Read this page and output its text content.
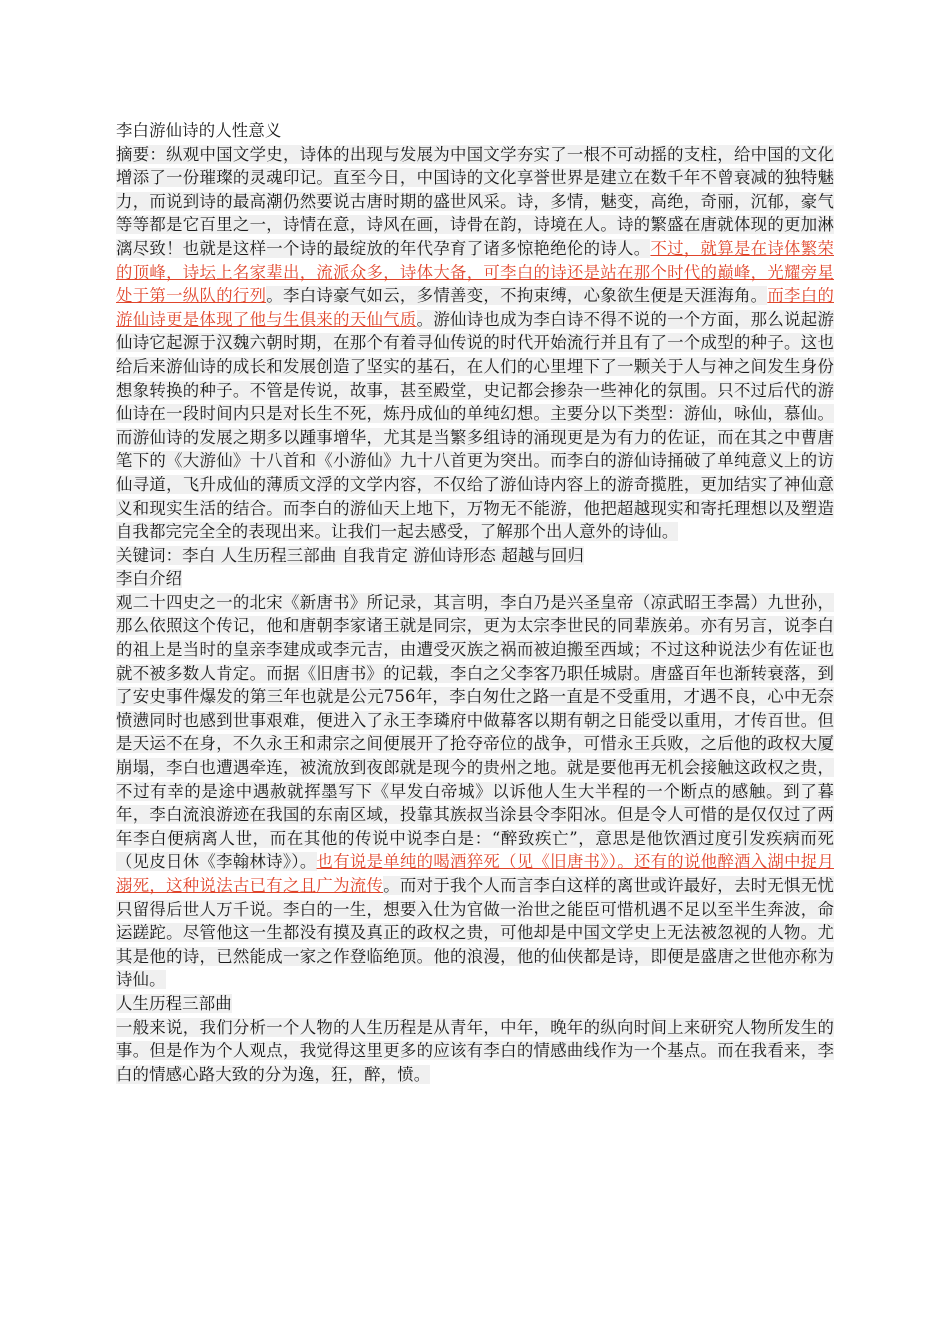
李白游仙诗的人性意义

摘要：纵观中国文学史，诗体的出现与发展为中国文学夯实了一根不可动摇的支柱，给中国的文化增添了一份璀璨的灵魂印记。直至今日，中国诗的文化享誉世界是建立在数千年不曾衰减的独特魅力，而说到诗的最高潮仍然要说古唐时期的盛世风采。诗，多情，魅变，高绝，奇丽，沉郁，豪气等等都是它百里之一，诗情在意，诗风在画，诗骨在韵，诗境在人。诗的繁盛在唐就体现的更加淋漓尽致！也就是这样一个诗的最绽放的年代孕育了诸多惊艳绝伦的诗人。不过，就算是在诗体繁荣的顶峰，诗坛上名家辈出，流派众多，诗体大备，可李白的诗还是站在那个时代的巅峰，光耀旁星处于第一纵队的行列。李白诗豪气如云，多情善变，不拘束缚，心象欲生便是天涯海角。而李白的游仙诗更是体现了他与生俱来的天仙气质。游仙诗也成为李白诗不得不说的一个方面，那么说起游仙诗它起源于汉魏六朝时期，在那个有着寻仙传说的时代开始流行并且有了一个成型的种子。这也给后来游仙诗的成长和发展创造了坚实的基石，在人们的心里埋下了一颗关于人与神之间发生身份想象转换的种子。不管是传说，故事，甚至殿堂，史记都会掺杂一些神化的氛围。只不过后代的游仙诗在一段时间内只是对长生不死，炼丹成仙的单纯幻想。主要分以下类型：游仙，咏仙，慕仙。而游仙诗的发展之期多以踵事增华，尤其是当繁多组诗的涌现更是为有力的佐证，而在其之中曹唐笔下的《大游仙》十八首和《小游仙》九十八首更为突出。而李白的游仙诗捅破了单纯意义上的访仙寻道，飞升成仙的薄质文浮的文学内容，不仅给了游仙诗内容上的游奇揽胜，更加结实了神仙意义和现实生活的结合。而李白的游仙天上地下，万物无不能游，他把超越现实和寄托理想以及塑造自我都完完全全的表现出来。让我们一起去感受，了解那个出人意外的诗仙。

关键词：李白 人生历程三部曲 自我肯定 游仙诗形态 超越与回归

李白介绍

观二十四史之一的北宋《新唐书》所记录，其言明，李白乃是兴圣皇帝（凉武昭王李暠）九世孙，那么依照这个传记，他和唐朝李家诸王就是同宗，更为太宗李世民的同辈族弟。亦有另言，说李白的祖上是当时的皇亲李建成或李元吉，由遭受灭族之祸而被迫搬至西域；不过这种说法少有佐证也就不被多数人肯定。而据《旧唐书》的记载，李白之父李客乃职任城尉。唐盛百年也渐转衰落，到了安史事件爆发的第三年也就是公元756年，李白匆仕之路一直是不受重用，才遇不良，心中无奈愤懑同时也感到世事艰难，便进入了永王李璘府中做幕客以期有朝之日能受以重用，才传百世。但是天运不在身，不久永王和肃宗之间便展开了抢夺帝位的战争，可惜永王兵败，之后他的政权大厦崩塌，李白也遭遇牵连，被流放到夜郎就是现今的贵州之地。就是要他再无机会接触这政权之贵，不过有幸的是途中遇赦就挥墨写下《早发白帝城》以诉他人生大半程的一个断点的感触。到了暮年，李白流浪游迹在我国的东南区域，投靠其族叔当涂县令李阳冰。但是令人可惜的是仅仅过了两年李白便病离人世，而在其他的传说中说李白是：“醉致疾亡”，意思是他饮酒过度引发疾病而死（见皮日休《李翰林诗》）。也有说是单纯的喝酒猝死（见《旧唐书》）。还有的说他醉酒入湖中捉月溺死，这种说法古已有之且广为流传。而对于我个人而言李白这样的离世或许最好，去时无惧无忧只留得后世人万千说。李白的一生，想要入仕为官做一治世之能臣可惜机遇不足以至半生奔波，命运蹉跎。尽管他这一生都没有摸及真正的政权之贵，可他却是中国文学史上无法被忽视的人物。尤其是他的诗，已然能成一家之作登临绝顶。他的浪漫，他的仙侠都是诗，即便是盛唐之世他亦称为诗仙。

人生历程三部曲

一般来说，我们分析一个人物的人生历程是从青年，中年，晚年的纵向时间上来研究人物所发生的事。但是作为个人观点，我觉得这里更多的应该有李白的情感曲线作为一个基点。而在我看来，李白的情感心路大致的分为逸，狂，醉，愤。
